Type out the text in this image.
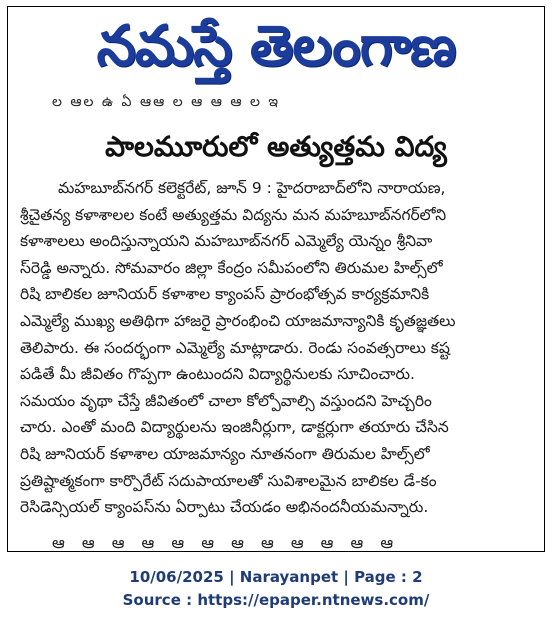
నమస్తే తెలంగాణ
ల ఆల ఉ ఏ ఆఆ ల ఆ ఆ ఆ ల ఇ
పాలమూరులో అత్యుత్తమ విద్య
మహబూబ్‌నగర్ కలెక్టరేట్, జూన్ 9 : హైదరాబాద్‌లోని నారాయణ,
శ్రీచైతన్య కళాశాలల కంటే అత్యుత్తమ విద్యను మన మహబూబ్‌నగర్‌లోని
కళాశాలలు అందిస్తున్నాయని మహబూబ్‌నగర్ ఎమ్మెల్యే యెన్నం శ్రీనివా
స్‌రెడ్డి అన్నారు. సోమవారం జిల్లా కేంద్రం సమీపంలోని తిరుమల హిల్స్‌లో
రిషి బాలికల జూనియర్ కళాశాల క్యాంపస్ ప్రారంభోత్సవ కార్యక్రమానికి
ఎమ్మెల్యే ముఖ్య అతిథిగా హాజరై ప్రారంభించి యాజమాన్యానికి కృతజ్ఞతలు
తెలిపారు. ఈ సందర్భంగా ఎమ్మెల్యే మాట్లాడారు. రెండు సంవత్సరాలు కష్ట
పడితే మీ జీవితం గొప్పగా ఉంటుందని విద్యార్థినులకు సూచించారు.
సమయం వృథా చేస్తే జీవితంలో చాలా కోల్పోవాల్సి వస్తుందని హెచ్చరిం
చారు. ఎంతో మంది విద్యార్థులను ఇంజినీర్లుగా, డాక్టర్లుగా తయారు చేసిన
రిషి జూనియర్ కళాశాల యాజమాన్యం నూతనంగా తిరుమల హిల్స్‌లో
ప్రతిష్టాత్మకంగా కార్పొరేట్ సదుపాయాలతో సువిశాలమైన బాలికల డే-కం
రెసిడెన్సియల్ క్యాంపస్‌ను ఏర్పాటు చేయడం అభినందనీయమన్నారు.
ఆ ఆ ఆ ఆ ఆ ఆ ఆ ఆ ఆ ఆ ఆ ఆ
10/06/2025 | Narayanpet | Page : 2
Source : https://epaper.ntnews.com/
